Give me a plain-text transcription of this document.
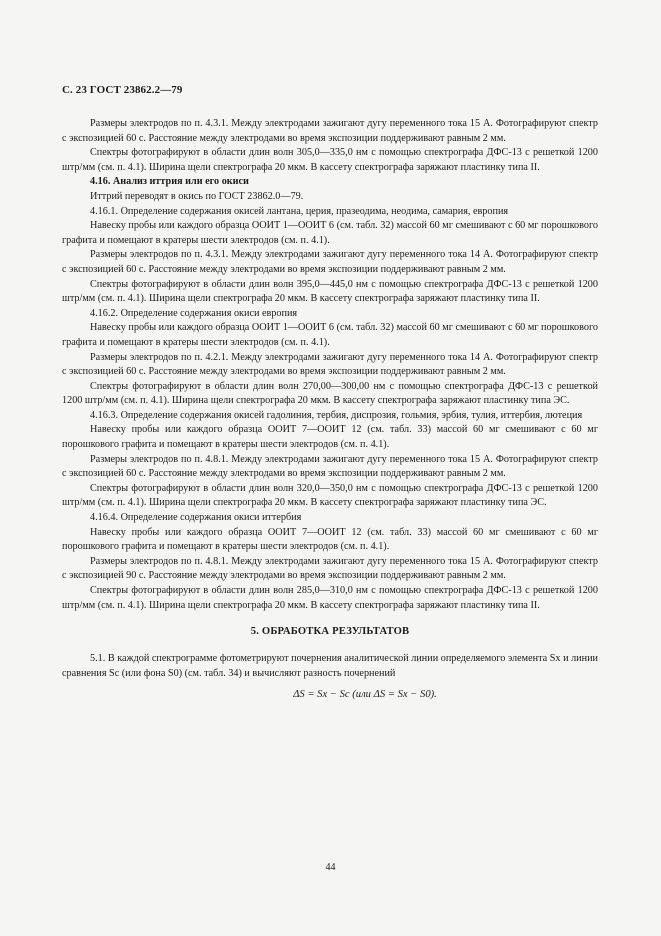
С. 23 ГОСТ 23862.2—79

Размеры электродов по п. 4.3.1. Между электродами зажигают дугу переменного тока 15 А. Фотографируют спектр с экспозицией 60 с. Расстояние между электродами во время экспозиции поддерживают равным 2 мм.

Спектры фотографируют в области длин волн 305,0—335,0 нм с помощью спектрографа ДФС-13 с решеткой 1200 штр/мм (см. п. 4.1). Ширина щели спектрографа 20 мкм. В кассету спектрографа заряжают пластинку типа II.

4.16. Анализ иттрия или его окиси

Иттрий переводят в окись по ГОСТ 23862.0—79.

4.16.1. Определение содержания окисей лантана, церия, празеодима, неодима, самария, европия

Навеску пробы или каждого образца ООИТ 1—ООИТ 6 (см. табл. 32) массой 60 мг смешивают с 60 мг порошкового графита и помещают в кратеры шести электродов (см. п. 4.1).

Размеры электродов по п. 4.3.1. Между электродами зажигают дугу переменного тока 14 А. Фотографируют спектр с экспозицией 60 с. Расстояние между электродами во время экспозиции поддерживают равным 2 мм.

Спектры фотографируют в области длин волн 395,0—445,0 нм с помощью спектрографа ДФС-13 с решеткой 1200 штр/мм (см. п. 4.1). Ширина щели спектрографа 20 мкм. В кассету спектрографа заряжают пластинку типа II.

4.16.2. Определение содержания окиси европия

Навеску пробы или каждого образца ООИТ 1—ООИТ 6 (см. табл. 32) массой 60 мг смешивают с 60 мг порошкового графита и помещают в кратеры шести электродов (см. п. 4.1).

Размеры электродов по п. 4.2.1. Между электродами зажигают дугу переменного тока 14 А. Фотографируют спектр с экспозицией 60 с. Расстояние между электродами во время экспозиции поддерживают равным 2 мм.

Спектры фотографируют в области длин волн 270,00—300,00 нм с помощью спектрографа ДФС-13 с решеткой 1200 штр/мм (см. п. 4.1). Ширина щели спектрографа 20 мкм. В кассету спектрографа заряжают пластинку типа ЭС.

4.16.3. Определение содержания окисей гадолиния, тербия, диспрозия, гольмия, эрбия, тулия, иттербия, лютеция

Навеску пробы или каждого образца ООИТ 7—ООИТ 12 (см. табл. 33) массой 60 мг смешивают с 60 мг порошкового графита и помещают в кратеры шести электродов (см. п. 4.1).

Размеры электродов по п. 4.8.1. Между электродами зажигают дугу переменного тока 15 А. Фотографируют спектр с экспозицией 60 с. Расстояние между электродами во время экспозиции поддерживают равным 2 мм.

Спектры фотографируют в области длин волн 320,0—350,0 нм с помощью спектрографа ДФС-13 с решеткой 1200 штр/мм (см. п. 4.1). Ширина щели спектрографа 20 мкм. В кассету спектрографа заряжают пластинку типа ЭС.

4.16.4. Определение содержания окиси иттербия

Навеску пробы или каждого образца ООИТ 7—ООИТ 12 (см. табл. 33) массой 60 мг смешивают с 60 мг порошкового графита и помещают в кратеры шести электродов (см. п. 4.1).

Размеры электродов по п. 4.8.1. Между электродами зажигают дугу переменного тока 15 А. Фотографируют спектр с экспозицией 90 с. Расстояние между электродами во время экспозиции поддерживают равным 2 мм.

Спектры фотографируют в области длин волн 285,0—310,0 нм с помощью спектрографа ДФС-13 с решеткой 1200 штр/мм (см. п. 4.1). Ширина щели спектрографа 20 мкм. В кассету спектрографа заряжают пластинку типа II.

5. ОБРАБОТКА РЕЗУЛЬТАТОВ

5.1. В каждой спектрограмме фотометрируют почернения аналитической линии определяемого элемента Sx и линии сравнения Sc (или фона S0) (см. табл. 34) и вычисляют разность почернений

ΔS = Sx − Sc (или ΔS = Sx − S0).
44
